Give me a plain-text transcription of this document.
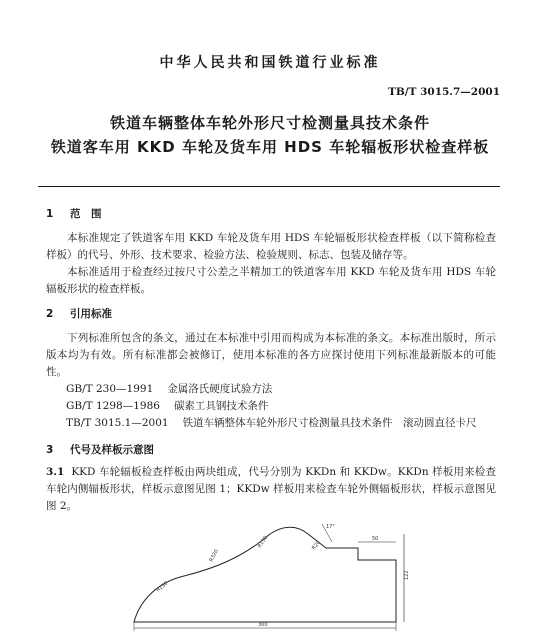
中华人民共和国铁道行业标准
TB/T 3015.7—2001
铁道车辆整体车轮外形尺寸检测量具技术条件
铁道客车用 KKD 车轮及货车用 HDS 车轮辐板形状检查样板
1 范　围

本标准规定了铁道客车用 KKD 车轮及货车用 HDS 车轮辐板形状检查样板（以下简称检查样板）的代号、外形、技术要求、检验方法、检验规则、标志、包装及储存等。

本标准适用于检查经过按尺寸公差之半精加工的铁道客车用 KKD 车轮及货车用 HDS 车轮辐板形状的检查样板。

2 引用标准

下列标准所包含的条文，通过在本标准中引用而构成为本标准的条文。本标准出版时，所示版本均为有效。所有标准都会被修订，使用本标准的各方应探讨使用下列标准最新版本的可能性。

GB/T 230—1991 金属洛氏硬度试验方法
GB/T 1298—1986 碳素工具钢技术条件
TB/T 3015.1—2001 铁道车辆整体车轮外形尺寸检测量具技术条件　滚动圆直径卡尺
3 代号及样板示意图

3.1 KKD 车轮辐板检查样板由两块组成，代号分别为 KKDn 和 KKDw。KKDn 样板用来检查车轮内侧辐板形状，样板示意图见图 1；KKDw 样板用来检查车轮外侧辐板形状，样板示意图见图 2。

R320
R130
R130
R20
17°
50
122
300
